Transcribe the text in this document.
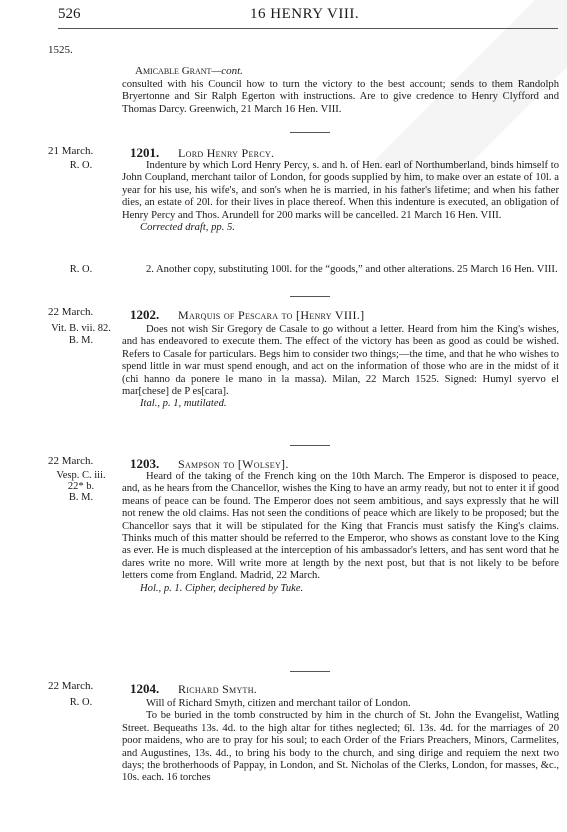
526	16 HENRY VIII.
1525.
Amicable Grant—cont.

consulted with his Council how to turn the victory to the best account; sends to them Randolph Bryertonne and Sir Ralph Egerton with instructions. Are to give credence to Henry Clyfford and Thomas Darcy. Greenwich, 21 March 16 Hen. VIII.

21 March.
R. O.
1201. Lord Henry Percy.

Indenture by which Lord Henry Percy, s. and h. of Hen. earl of Northumberland, binds himself to John Coupland, merchant tailor of London, for goods supplied by him, to make over an estate of 10l. a year for his use, his wife's, and son's when he is married, in his father's lifetime; and when his father dies, an estate of 20l. for their lives in place thereof. When this indenture is executed, an obligation of Henry Percy and Thos. Arundell for 200 marks will be cancelled. 21 March 16 Hen. VIII.

Corrected draft, pp. 5.

R. O.	2. Another copy, substituting 100l. for the “goods,” and other alterations. 25 March 16 Hen. VIII.

22 March.
Vit. B. vii. 82.
B. M.
1202. Marquis of Pescara to [Henry VIII.]

Does not wish Sir Gregory de Casale to go without a letter. Heard from him the King's wishes, and has endeavored to execute them. The effect of the victory has been as good as could be wished. Refers to Casale for particulars. Begs him to consider two things;—the time, and that he who wishes to spend little in war must spend enough, and act on the information of those who are in the midst of it (chi hanno da ponere le mano in la massa). Milan, 22 March 1525. Signed: Humyl syervo el mar[chese] de P es[cara].

Ital., p. 1, mutilated.

22 March.
Vesp. C. iii.
22* b.
B. M.
1203. Sampson to [Wolsey].

Heard of the taking of the French king on the 10th March. The Emperor is disposed to peace, and, as he hears from the Chancellor, wishes the King to have an army ready, but not to enter it if good means of peace can be found. The Emperor does not seem ambitious, and says expressly that he will not renew the old claims. Has not seen the conditions of peace which are likely to be proposed; but the Chancellor says that it will be stipulated for the King that Francis must satisfy the King's claims. Thinks much of this matter should be referred to the Emperor, who shows as constant love to the King as ever. He is much displeased at the interception of his ambassador's letters, and has sent word that he dares write no more. Will write more at length by the next post, but that is not likely to be before letters come from England. Madrid, 22 March.

Hol., p. 1. Cipher, deciphered by Tuke.

22 March.
R. O.
1204. Richard Smyth.

Will of Richard Smyth, citizen and merchant tailor of London.

To be buried in the tomb constructed by him in the church of St. John the Evangelist, Watling Street. Bequeaths 13s. 4d. to the high altar for tithes neglected; 6l. 13s. 4d. for the marriages of 20 poor maidens, who are to pray for his soul; to each Order of the Friars Preachers, Minors, Carmelites, and Augustines, 13s. 4d., to bring his body to the church, and sing dirige and requiem the next two days; the brotherhoods of Pappay, in London, and St. Nicholas of the Clerks, London, for masses, &c., 10s. each. 16 torches
